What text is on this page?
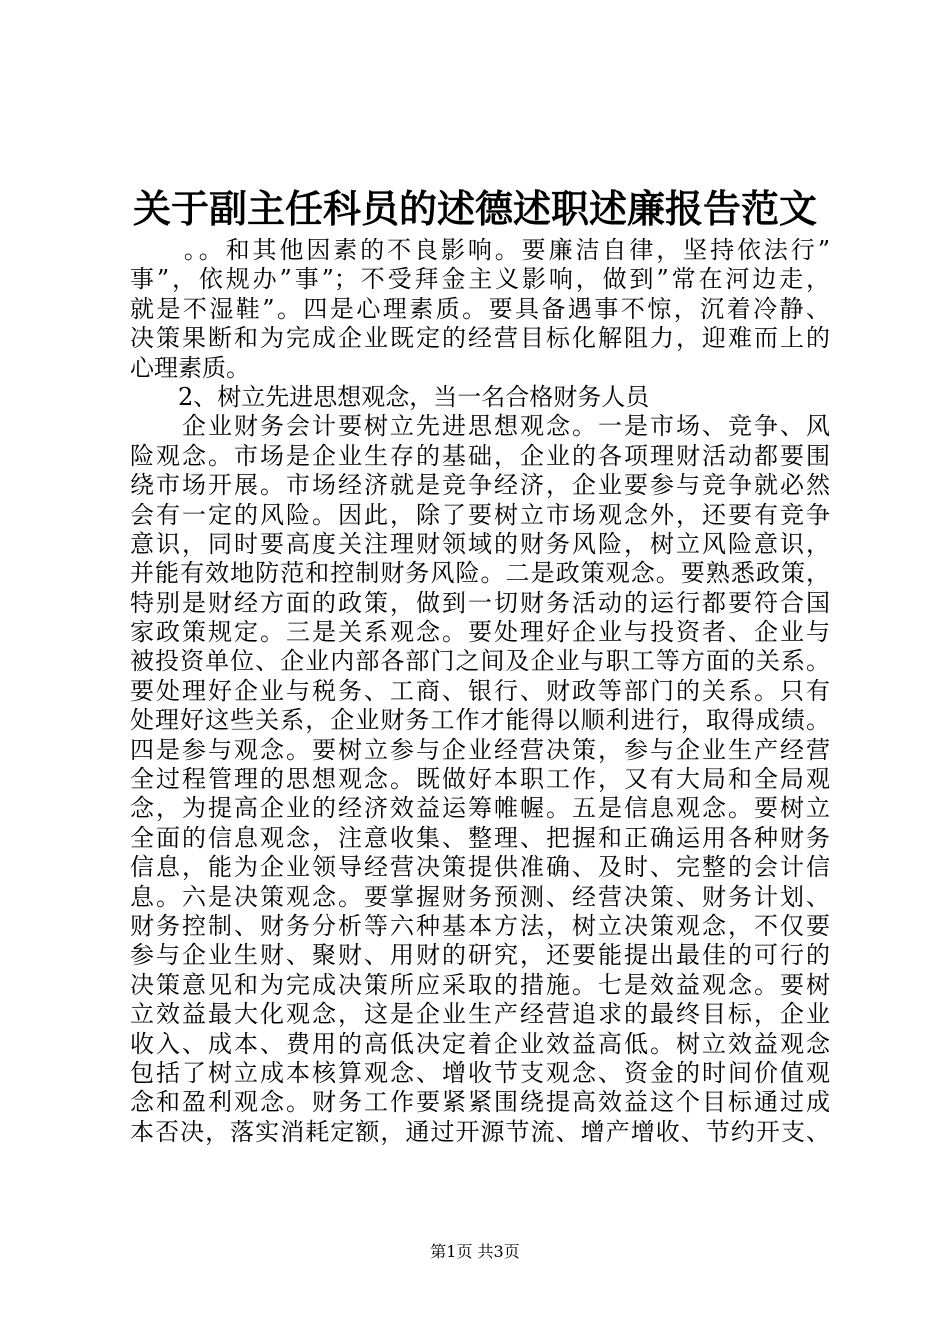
关于副主任科员的述德述职述廉报告范文
　　。。和其他因素的不良影响。要廉洁自律，坚持依法行”
事”，依规办”事”；不受拜金主义影响，做到”常在河边走，
就是不湿鞋”。四是心理素质。要具备遇事不惊，沉着冷静、
决策果断和为完成企业既定的经营目标化解阻力，迎难而上的
心理素质。
　　2、树立先进思想观念，当一名合格财务人员
　　企业财务会计要树立先进思想观念。一是市场、竞争、风
险观念。市场是企业生存的基础，企业的各项理财活动都要围
绕市场开展。市场经济就是竞争经济，企业要参与竞争就必然
会有一定的风险。因此，除了要树立市场观念外，还要有竞争
意识，同时要高度关注理财领域的财务风险，树立风险意识，
并能有效地防范和控制财务风险。二是政策观念。要熟悉政策，
特别是财经方面的政策，做到一切财务活动的运行都要符合国
家政策规定。三是关系观念。要处理好企业与投资者、企业与
被投资单位、企业内部各部门之间及企业与职工等方面的关系。
要处理好企业与税务、工商、银行、财政等部门的关系。只有
处理好这些关系，企业财务工作才能得以顺利进行，取得成绩。
四是参与观念。要树立参与企业经营决策，参与企业生产经营
全过程管理的思想观念。既做好本职工作，又有大局和全局观
念，为提高企业的经济效益运筹帷幄。五是信息观念。要树立
全面的信息观念，注意收集、整理、把握和正确运用各种财务
信息，能为企业领导经营决策提供准确、及时、完整的会计信
息。六是决策观念。要掌握财务预测、经营决策、财务计划、
财务控制、财务分析等六种基本方法，树立决策观念，不仅要
参与企业生财、聚财、用财的研究，还要能提出最佳的可行的
决策意见和为完成决策所应采取的措施。七是效益观念。要树
立效益最大化观念，这是企业生产经营追求的最终目标，企业
收入、成本、费用的高低决定着企业效益高低。树立效益观念
包括了树立成本核算观念、增收节支观念、资金的时间价值观
念和盈利观念。财务工作要紧紧围绕提高效益这个目标通过成
本否决，落实消耗定额，通过开源节流、增产增收、节约开支、
第1页 共3页
